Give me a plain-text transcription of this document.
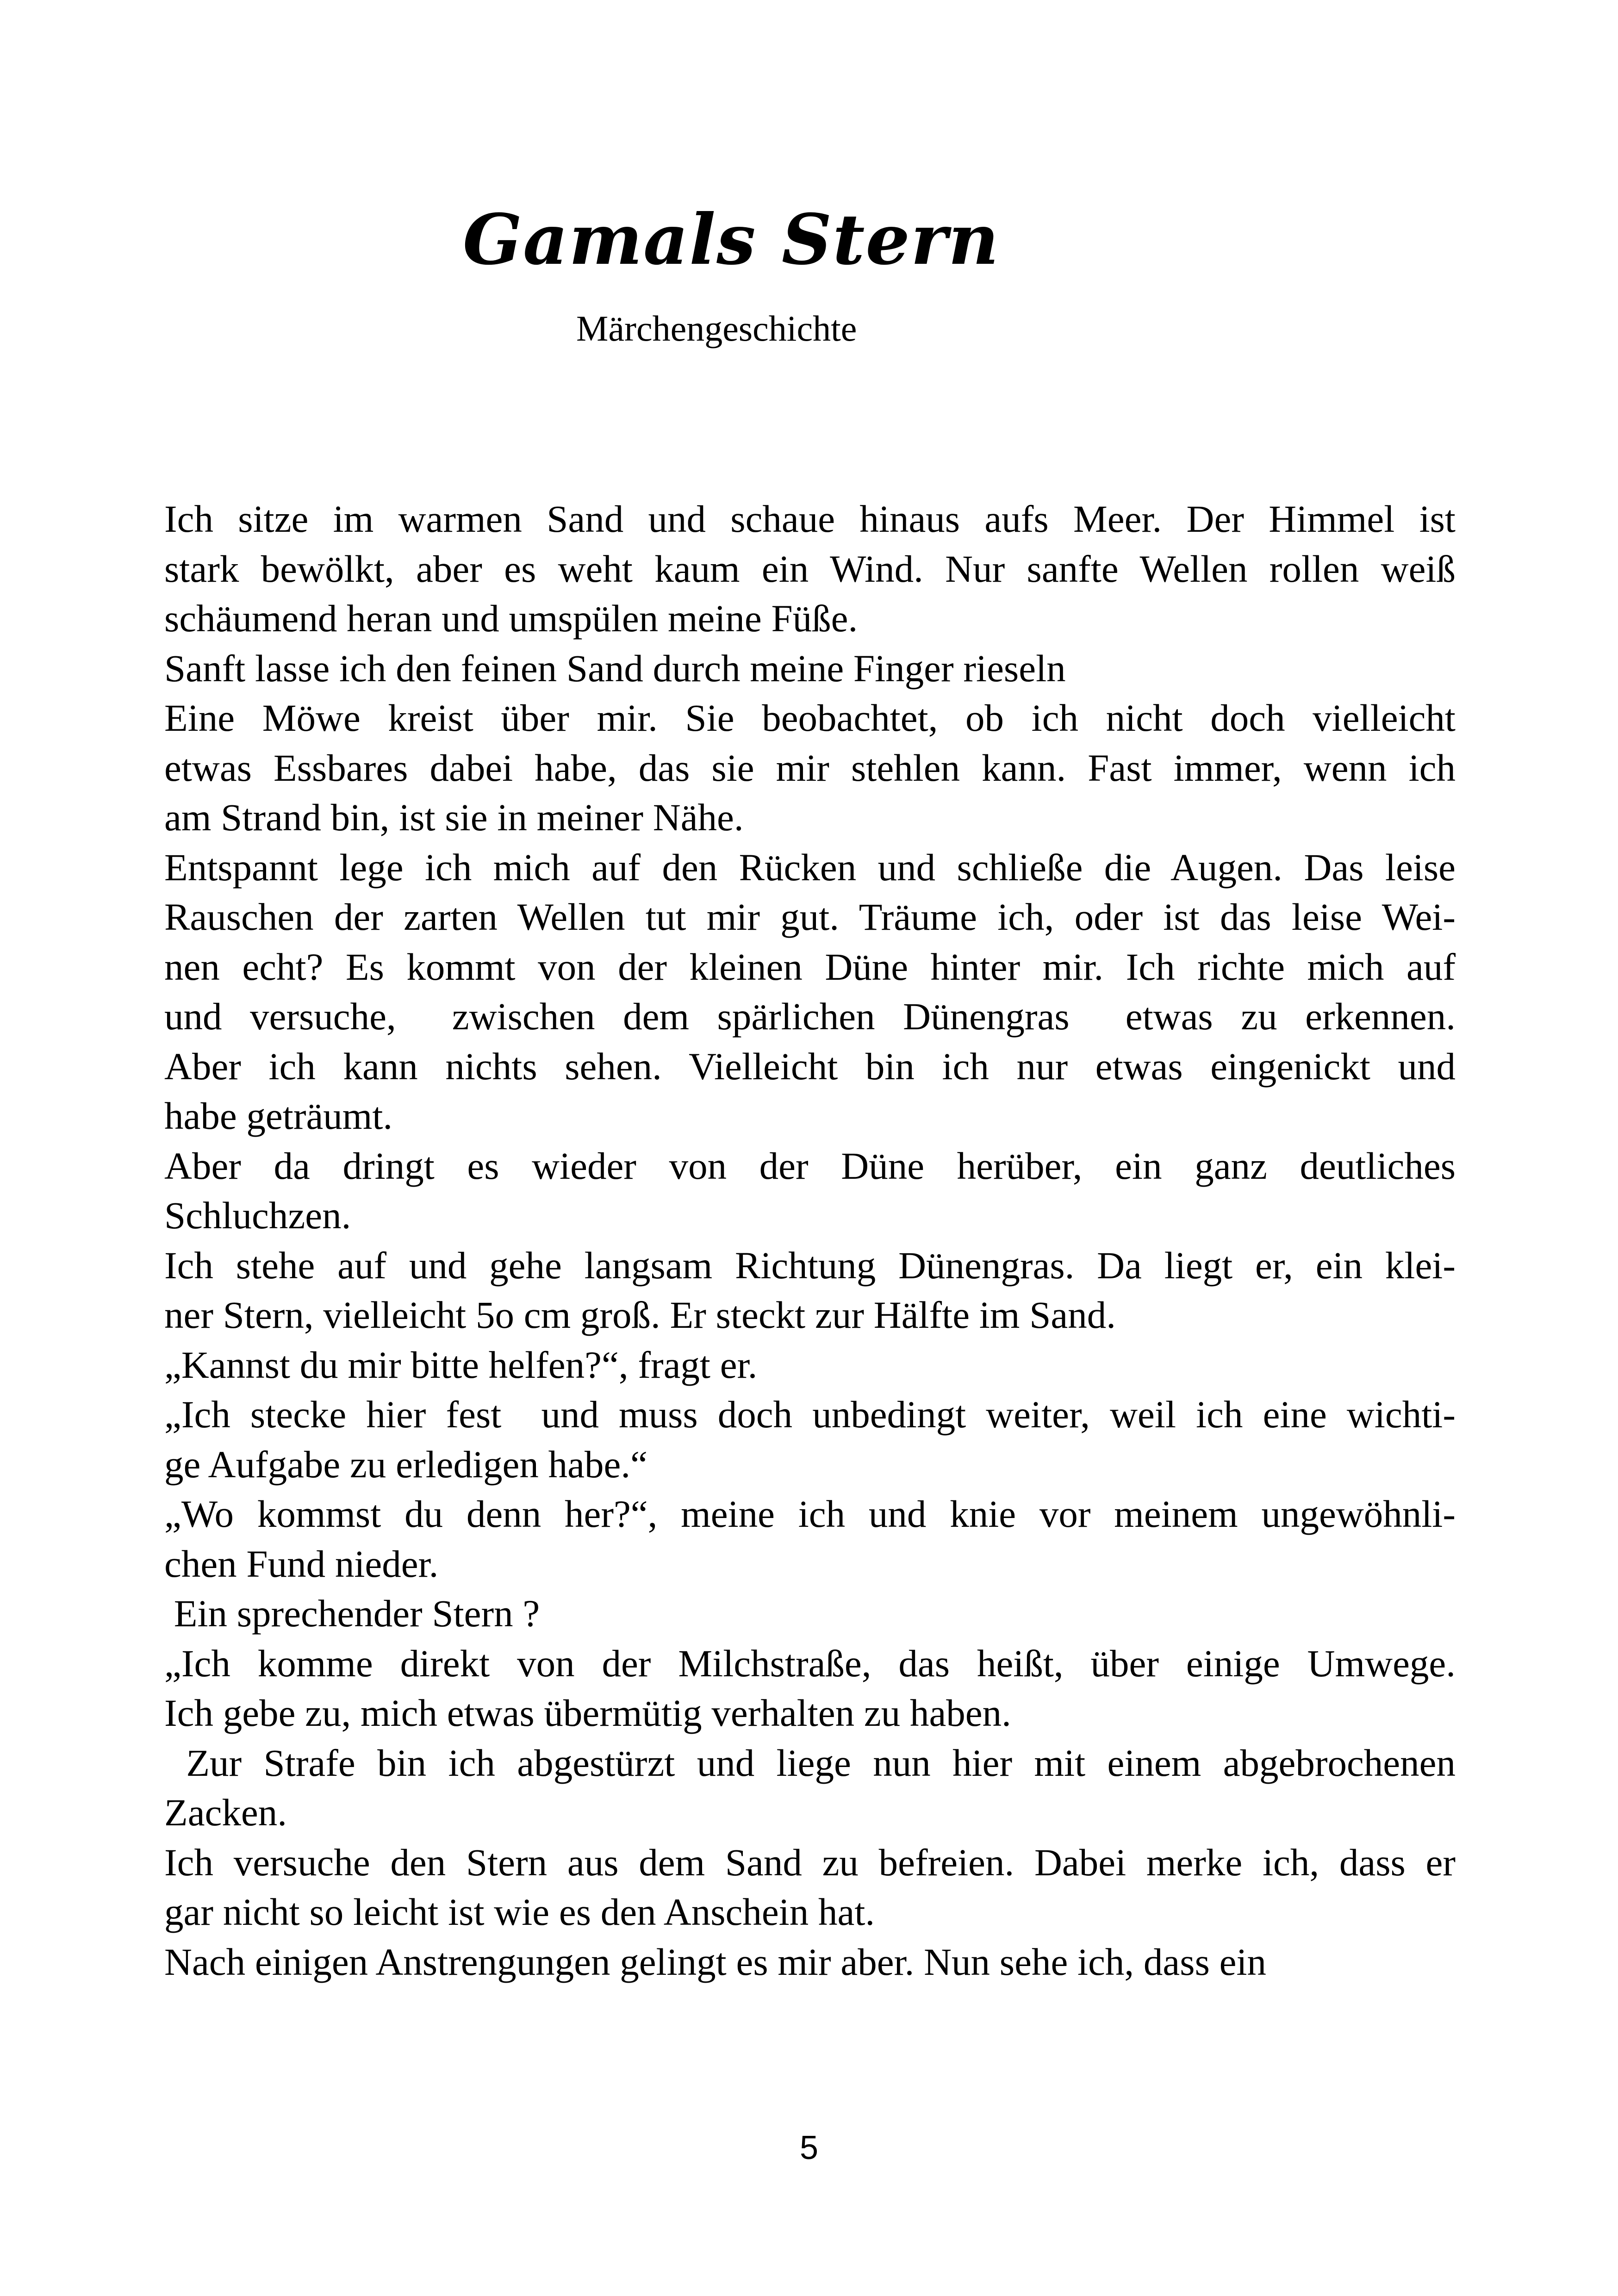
Gamals Stern
Märchengeschichte
Ich sitze im warmen Sand und schaue hinaus aufs Meer. Der Himmel ist
stark bewölkt, aber es weht kaum ein Wind. Nur sanfte Wellen rollen weiß
schäumend heran und umspülen meine Füße.
Sanft lasse ich den feinen Sand durch meine Finger rieseln
Eine Möwe kreist über mir. Sie beobachtet, ob ich nicht doch vielleicht
etwas Essbares dabei habe, das sie mir stehlen kann. Fast immer, wenn ich
am Strand bin, ist sie in meiner Nähe.
Entspannt lege ich mich auf den Rücken und schließe die Augen. Das leise
Rauschen der zarten Wellen tut mir gut. Träume ich, oder ist das leise Wei-
nen echt? Es kommt von der kleinen Düne hinter mir. Ich richte mich auf
und versuche,  zwischen dem spärlichen Dünengras  etwas zu erkennen.
Aber ich kann nichts sehen. Vielleicht bin ich nur etwas eingenickt und
habe geträumt.
Aber da dringt es wieder von der Düne herüber, ein ganz deutliches
Schluchzen.
Ich stehe auf und gehe langsam Richtung Dünengras. Da liegt er, ein klei-
ner Stern, vielleicht 5o cm groß. Er steckt zur Hälfte im Sand.
„Kannst du mir bitte helfen?“, fragt er.
„Ich stecke hier fest  und muss doch unbedingt weiter, weil ich eine wichti-
ge Aufgabe zu erledigen habe.“
„Wo kommst du denn her?“, meine ich und knie vor meinem ungewöhnli-
chen Fund nieder.
Ein sprechender Stern ?
„Ich komme direkt von der Milchstraße, das heißt, über einige Umwege.
Ich gebe zu, mich etwas übermütig verhalten zu haben.
Zur Strafe bin ich abgestürzt und liege nun hier mit einem abgebrochenen
Zacken.
Ich versuche den Stern aus dem Sand zu befreien. Dabei merke ich, dass er
gar nicht so leicht ist wie es den Anschein hat.
Nach einigen Anstrengungen gelingt es mir aber. Nun sehe ich, dass ein
5
